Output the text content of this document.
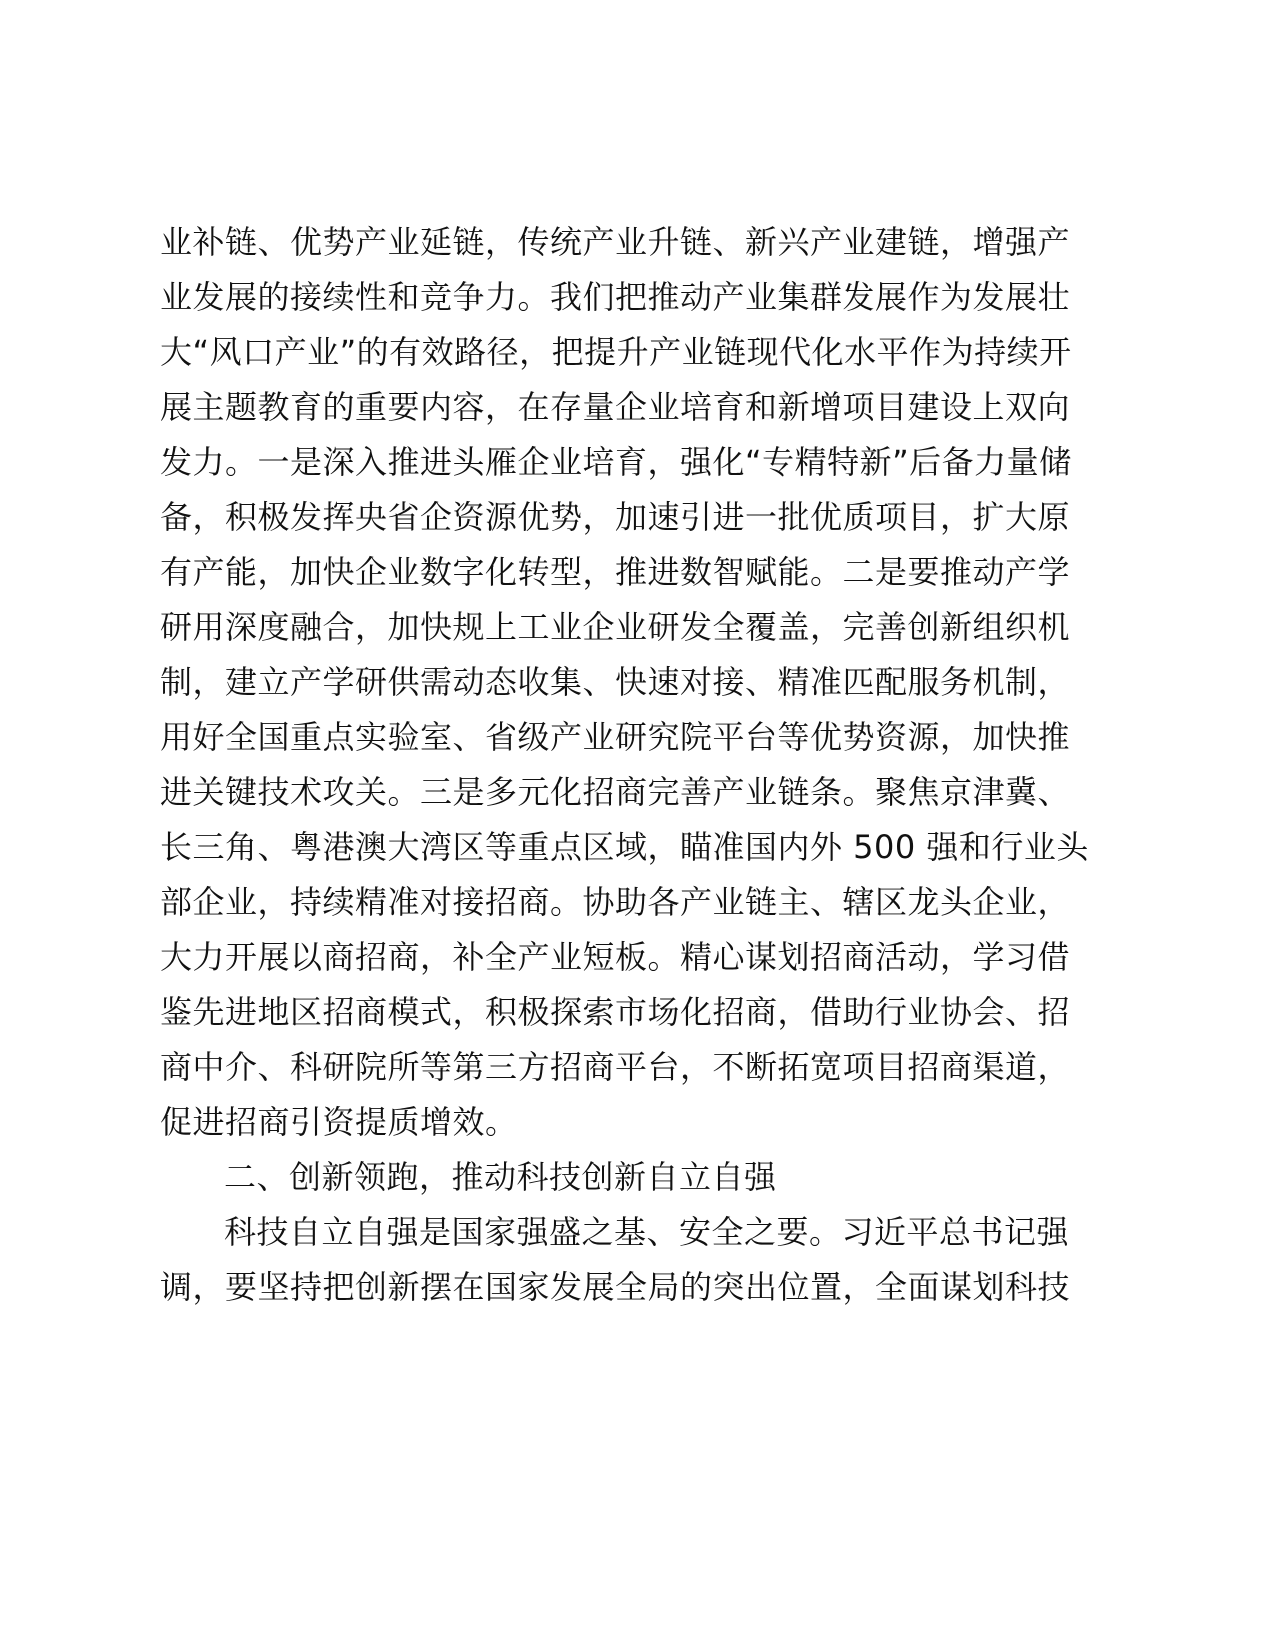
业补链、优势产业延链，传统产业升链、新兴产业建链，增强产
业发展的接续性和竞争力。我们把推动产业集群发展作为发展壮
大“风口产业”的有效路径，把提升产业链现代化水平作为持续开
展主题教育的重要内容，在存量企业培育和新增项目建设上双向
发力。一是深入推进头雁企业培育，强化“专精特新”后备力量储
备，积极发挥央省企资源优势，加速引进一批优质项目，扩大原
有产能，加快企业数字化转型，推进数智赋能。二是要推动产学
研用深度融合，加快规上工业企业研发全覆盖，完善创新组织机
制，建立产学研供需动态收集、快速对接、精准匹配服务机制，
用好全国重点实验室、省级产业研究院平台等优势资源，加快推
进关键技术攻关。三是多元化招商完善产业链条。聚焦京津冀、
长三角、粤港澳大湾区等重点区域，瞄准国内外 500 强和行业头
部企业，持续精准对接招商。协助各产业链主、辖区龙头企业，
大力开展以商招商，补全产业短板。精心谋划招商活动，学习借
鉴先进地区招商模式，积极探索市场化招商，借助行业协会、招
商中介、科研院所等第三方招商平台，不断拓宽项目招商渠道，
促进招商引资提质增效。
二、创新领跑，推动科技创新自立自强
科技自立自强是国家强盛之基、安全之要。习近平总书记强
调，要坚持把创新摆在国家发展全局的突出位置，全面谋划科技
